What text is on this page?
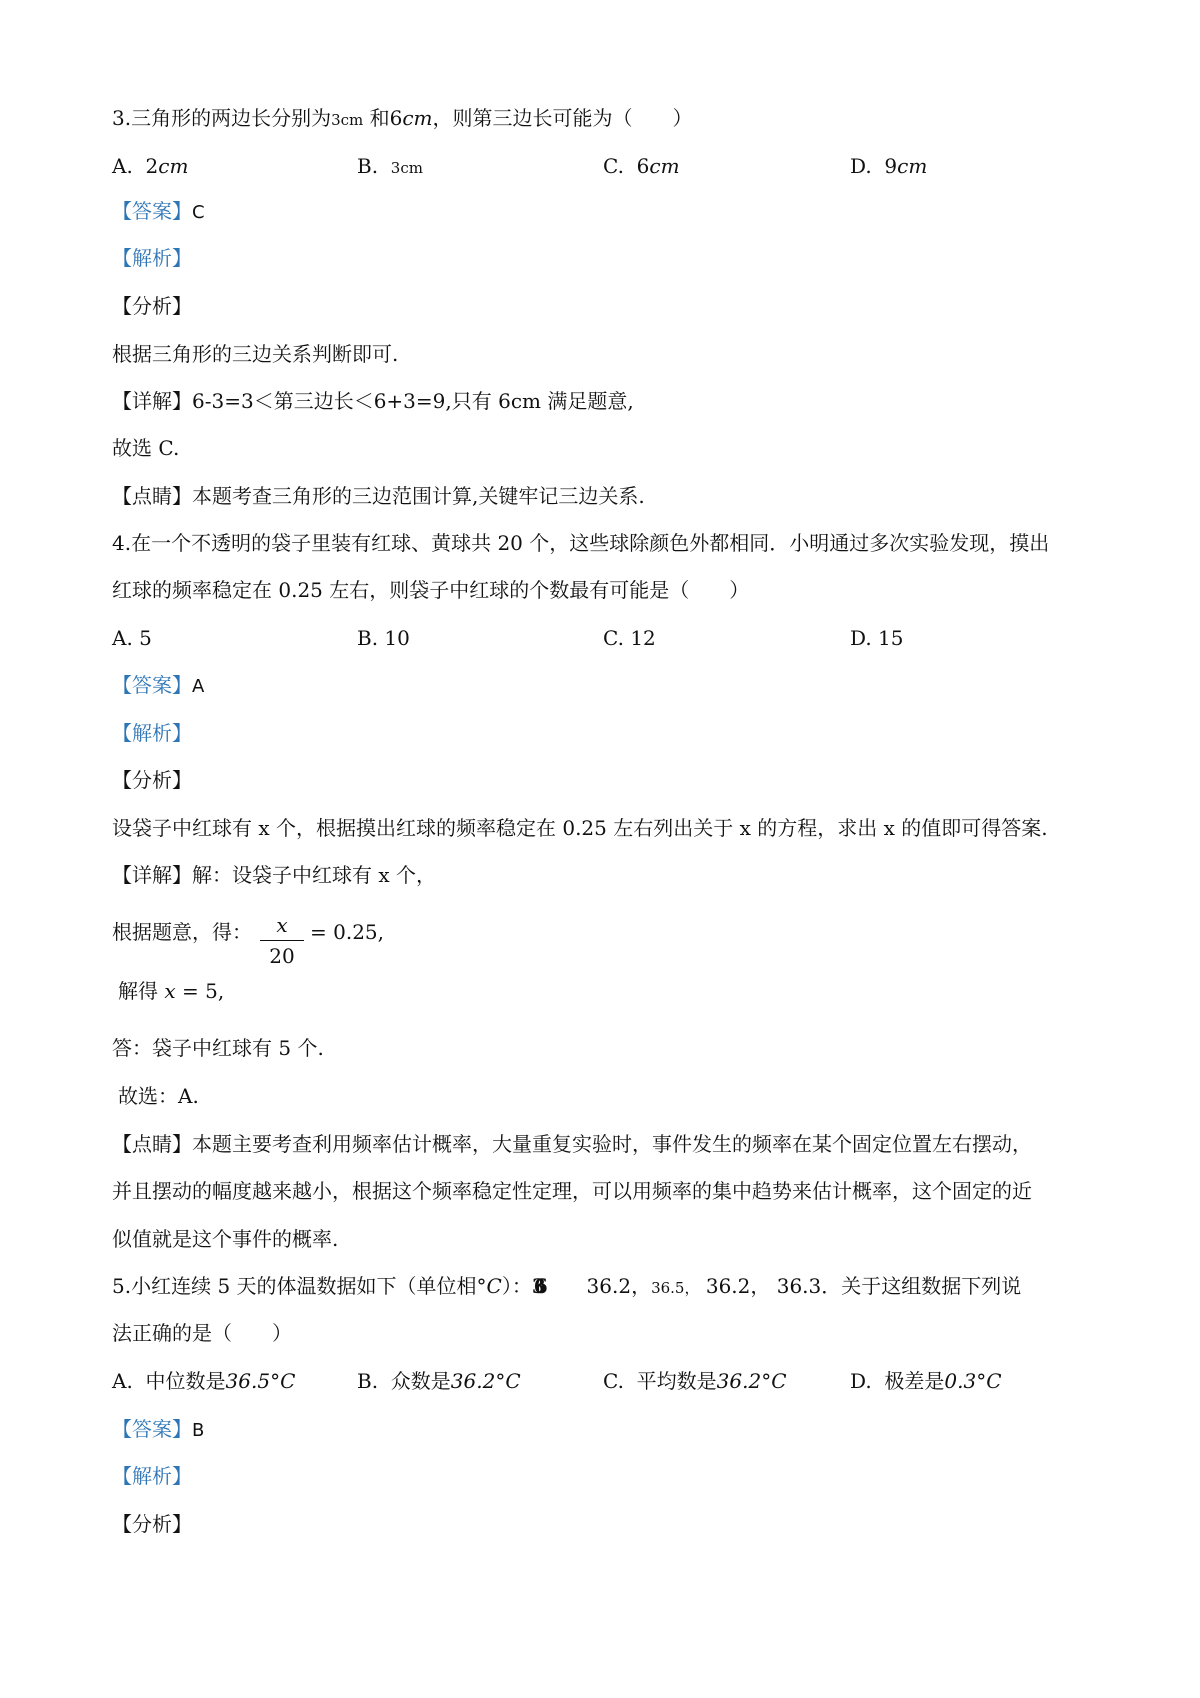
3.三角形的两边长分别为3cm 和6cm，则第三边长可能为（　　）
A. 2cm	B. 3cm	C. 6cm	D. 9cm
【答案】C
【解析】
【分析】
根据三角形的三边关系判断即可.
【详解】6-3=3＜第三边长＜6+3=9,只有 6cm 满足题意,
故选 C.
【点睛】本题考查三角形的三边范围计算,关键牢记三边关系.
4.在一个不透明的袋子里装有红球、黄球共 20 个，这些球除颜色外都相同．小明通过多次实验发现，摸出
红球的频率稳定在 0.25 左右，则袋子中红球的个数最有可能是（　　）
A. 5	B. 10	C. 12	D. 15
【答案】A
【解析】
【分析】
设袋子中红球有 x 个，根据摸出红球的频率稳定在 0.25 左右列出关于 x 的方程，求出 x 的值即可得答案.
【详解】解：设袋子中红球有 x 个，
根据题意，得：	x
20
= 0.25,
解得 x = 5,
答：袋子中红球有 5 个.
故选：A.
【点睛】本题主要考查利用频率估计概率，大量重复实验时，事件发生的频率在某个固定位置左右摆动，
并且摆动的幅度越来越小，根据这个频率稳定性定理，可以用频率的集中趋势来估计概率，这个固定的近
似值就是这个事件的概率.
5.小红连续 5 天的体温数据如下（单位相°C）：36	36.2，36.5， 36.2， 36.3．关于这组数据下列说
法正确的是（　　）
A. 中位数是36.5°C	B. 众数是36.2°C	C. 平均数是36.2°C	D. 极差是0.3°C
【答案】B
【解析】
【分析】
